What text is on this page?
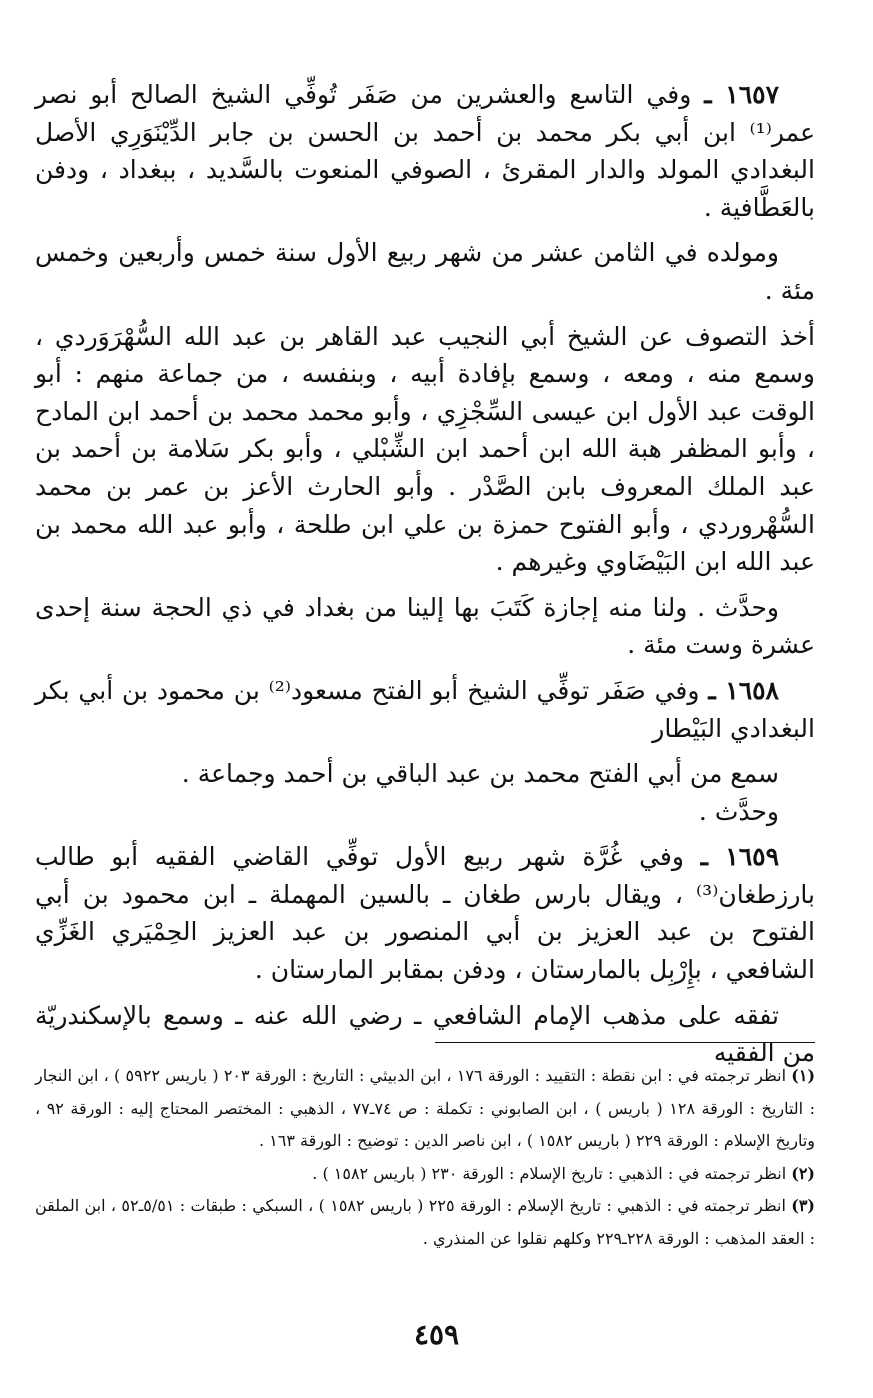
١٦٥٧ ـ وفي التاسع والعشرين من صَفَر تُوفِّي الشيخ الصالح أبو نصر عمر⁽¹⁾ ابن أبي بكر محمد بن أحمد بن الحسن بن جابر الدِّيْنَوَرِي الأصل البغدادي المولد والدار المقرئ ، الصوفي المنعوت بالسَّديد ، ببغداد ، ودفن بالعَطَّافية .

ومولده في الثامن عشر من شهر ربيع الأول سنة خمس وأربعين وخمس مئة .

أخذ التصوف عن الشيخ أبي النجيب عبد القاهر بن عبد الله السُّهْرَوَردي ، وسمع منه ، ومعه ، وسمع بإفادة أبيه ، وبنفسه ، من جماعة منهم : أبو الوقت عبد الأول ابن عيسى السِّجْزِي ، وأبو محمد محمد بن أحمد ابن المادح ، وأبو المظفر هبة الله ابن أحمد ابن الشِّبْلي ، وأبو بكر سَلامة بن أحمد بن عبد الملك المعروف بابن الصَّدْر . وأبو الحارث الأعز بن عمر بن محمد السُّهْروردي ، وأبو الفتوح حمزة بن علي ابن طلحة ، وأبو عبد الله محمد بن عبد الله ابن البَيْضَاوي وغيرهم .

وحدَّث . ولنا منه إجازة كَتَبَ بها إلينا من بغداد في ذي الحجة سنة إحدى عشرة وست مئة .

١٦٥٨ ـ وفي صَفَر توفِّي الشيخ أبو الفتح مسعود⁽²⁾ بن محمود بن أبي بكر البغدادي البَيْطار

سمع من أبي الفتح محمد بن عبد الباقي بن أحمد وجماعة .

وحدَّث .

١٦٥٩ ـ وفي غُرَّة شهر ربيع الأول توفِّي القاضي الفقيه أبو طالب بارزطغان⁽³⁾ ، ويقال بارس طغان ـ بالسين المهملة ـ ابن محمود بن أبي الفتوح بن عبد العزيز بن أبي المنصور بن عبد العزيز الحِمْيَري الغَزِّي الشافعي ، بإِرْبِل بالمارستان ، ودفن بمقابر المارستان .

تفقه على مذهب الإمام الشافعي ـ رضي الله عنه ـ وسمع بالإسكندريّة من الفقيه

(١) انظر ترجمته في : ابن نقطة : التقييد : الورقة ١٧٦ ، ابن الدبيثي : التاريخ : الورقة ٢٠٣ ( باريس ٥٩٢٢ ) ، ابن النجار : التاريخ : الورقة ١٢٨ ( باريس ) ، ابن الصابوني : تكملة : ص ٧٤ـ٧٧ ، الذهبي : المختصر المحتاج إليه : الورقة ٩٢ ، وتاريخ الإسلام : الورقة ٢٢٩ ( باريس ١٥٨٢ ) ، ابن ناصر الدين : توضيح : الورقة ١٦٣ .

(٢) انظر ترجمته في : الذهبي : تاريخ الإسلام : الورقة ٢٣٠ ( باريس ١٥٨٢ ) .

(٣) انظر ترجمته في : الذهبي : تاريخ الإسلام : الورقة ٢٢٥ ( باريس ١٥٨٢ ) ، السبكي : طبقات : ٥/٥١ـ٥٢ ، ابن الملقن : العقد المذهب : الورقة ٢٢٨ـ٢٢٩ وكلهم نقلوا عن المنذري .

٤٥٩
